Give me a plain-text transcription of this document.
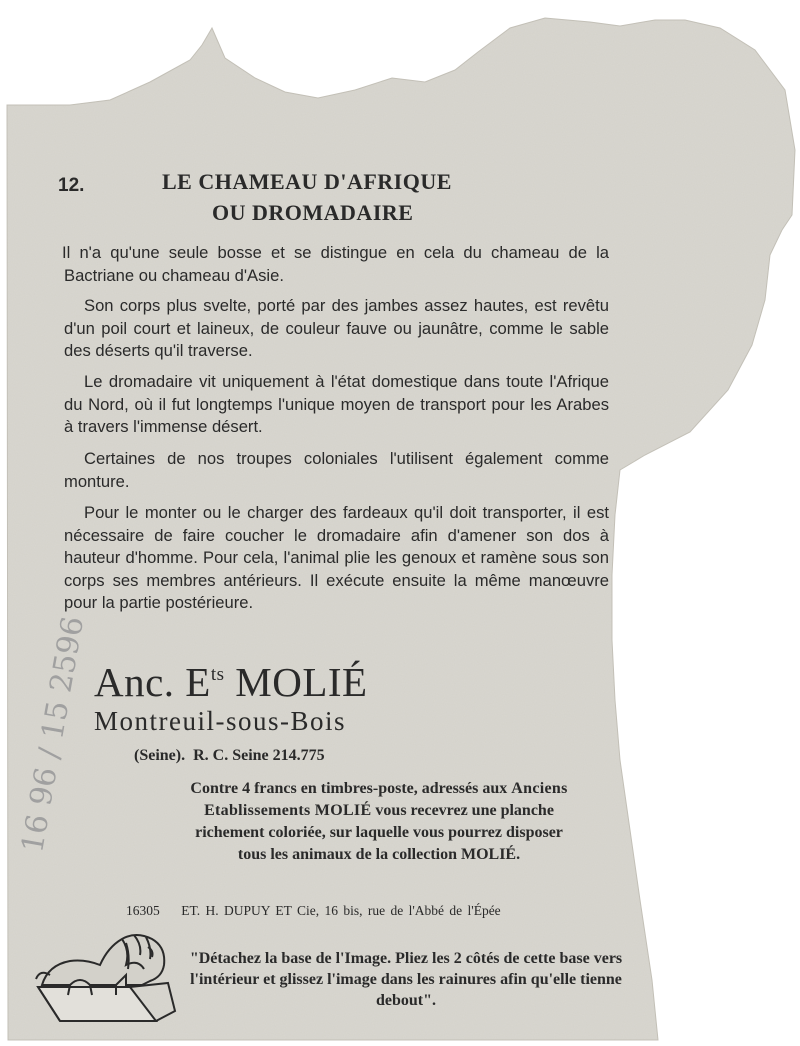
12.	LE CHAMEAU D'AFRIQUE
OU DROMADAIRE

Il n'a qu'une seule bosse et se distingue en cela du chameau de la Bactriane ou chameau d'Asie.

Son corps plus svelte, porté par des jambes assez hautes, est revêtu d'un poil court et laineux, de couleur fauve ou jaunâtre, comme le sable des déserts qu'il traverse.

Le dromadaire vit uniquement à l'état domestique dans toute l'Afrique du Nord, où il fut longtemps l'unique moyen de transport pour les Arabes à travers l'immense désert.

Certaines de nos troupes coloniales l'utilisent également comme monture.

Pour le monter ou le charger des fardeaux qu'il doit transporter, il est nécessaire de faire coucher le dromadaire afin d'amener son dos à hauteur d'homme. Pour cela, l'animal plie les genoux et ramène sous son corps ses membres antérieurs. Il exécute ensuite la même manœuvre pour la partie postérieure.

Anc. $E^{ts}$ MOLIÉ
Montreuil-sous-Bois
(Seine).  R. C. Seine 214.775

Contre 4 francs en timbres-poste, adressés aux Anciens Etablissements MOLIÉ vous recevrez une planche richement coloriée, sur laquelle vous pourrez disposer tous les animaux de la collection MOLIÉ.

16305    ET. H. DUPUY ET Cie, 16 bis, rue de l'Abbé de l'Épée
16 96 / 15 2596

"Détachez la base de l'Image. Pliez les 2 côtés de cette base vers l'intérieur et glissez l'image dans les rainures afin qu'elle tienne debout".
